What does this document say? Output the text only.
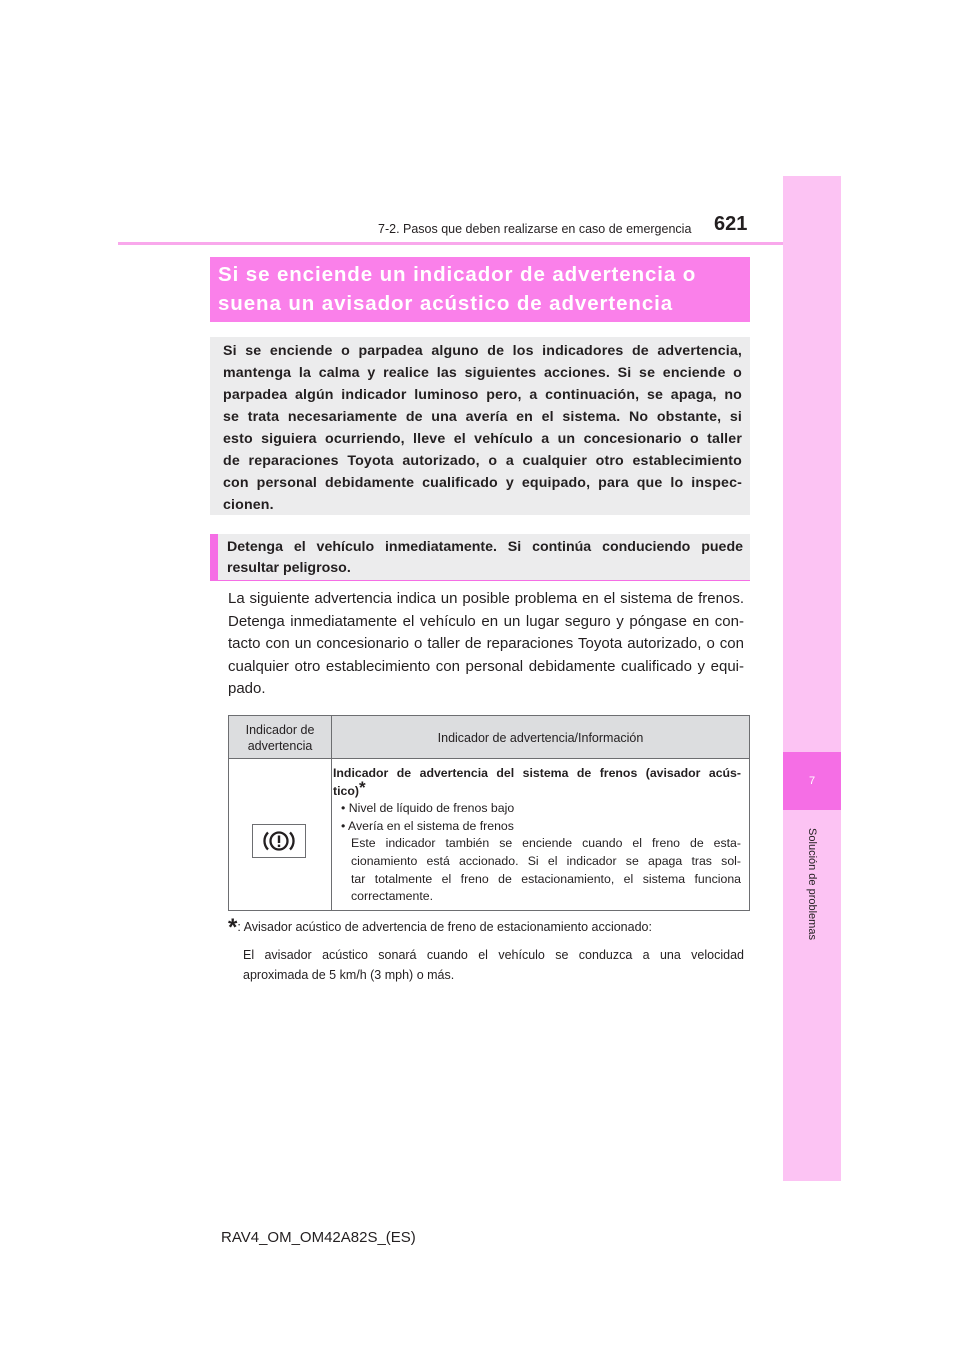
7
Solución de problemas
7-2. Pasos que deben realizarse en caso de emergencia 621
Si se enciende un indicador de advertencia o
suena un avisador acústico de advertencia
Si se enciende o parpadea alguno de los indicadores de advertencia,
mantenga la calma y realice las siguientes acciones. Si se enciende o
parpadea algún indicador luminoso pero, a continuación, se apaga, no
se trata necesariamente de una avería en el sistema. No obstante, si
esto siguiera ocurriendo, lleve el vehículo a un concesionario o taller
de reparaciones Toyota autorizado, o a cualquier otro establecimiento
con personal debidamente cualificado y equipado, para que lo inspec-
cionen.
Detenga el vehículo inmediatamente. Si continúa conduciendo puede
resultar peligroso.
La siguiente advertencia indica un posible problema en el sistema de frenos.
Detenga inmediatamente el vehículo en un lugar seguro y póngase en con-
tacto con un concesionario o taller de reparaciones Toyota autorizado, o con
cualquier otro establecimiento con personal debidamente cualificado y equi-
pado.
Indicador de
advertencia
Indicador de advertencia/Información
Indicador de advertencia del sistema de frenos (avisador acús-
tico)*
• Nivel de líquido de frenos bajo
• Avería en el sistema de frenos
Este indicador también se enciende cuando el freno de esta-
cionamiento está accionado. Si el indicador se apaga tras sol-
tar totalmente el freno de estacionamiento, el sistema funciona
correctamente.
*: Avisador acústico de advertencia de freno de estacionamiento accionado:
El avisador acústico sonará cuando el vehículo se conduzca a una velocidad
aproximada de 5 km/h (3 mph) o más.
RAV4_OM_OM42A82S_(ES)
